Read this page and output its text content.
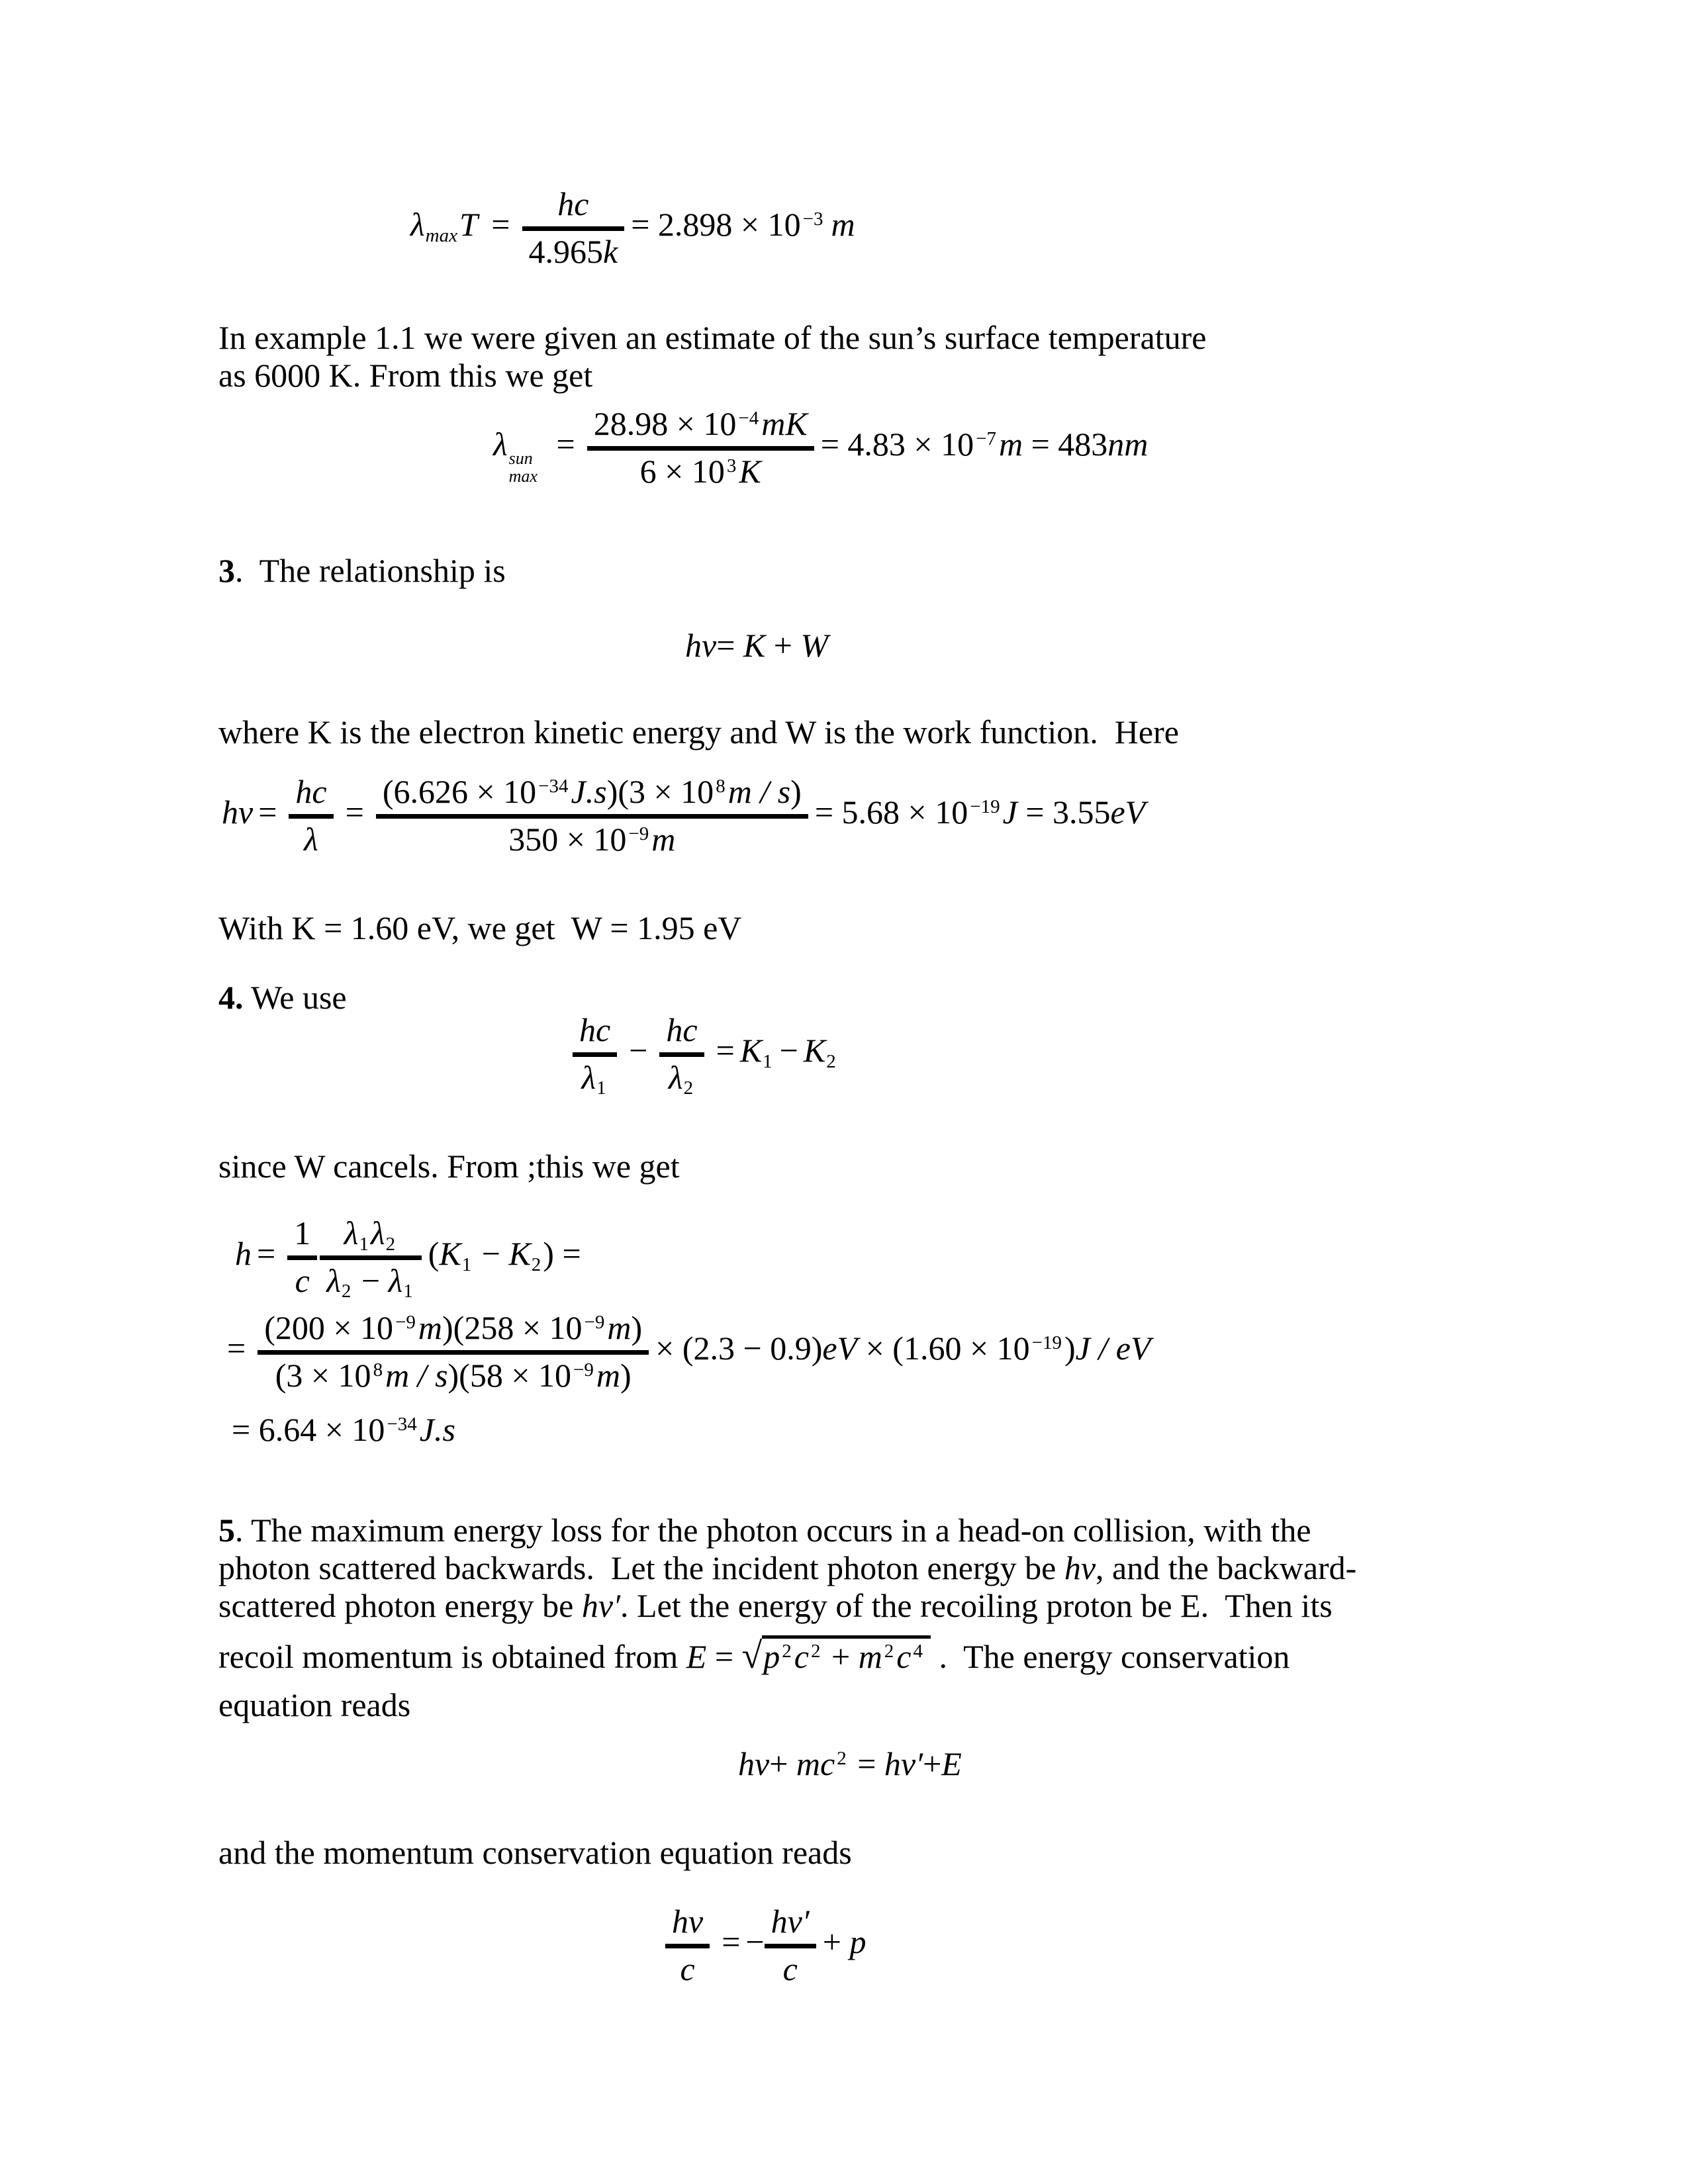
$\lambda_{max}T = \frac{hc}{4.965k} = 2.898 \times 10$ $^{-3}$ m
In example 1.1 we were given an estimate of the sun’s surface temperature
as 6000 K. From this we get
λ sun
max
= $\frac{28.98 \times 10 ^{-4}mK}{6 \times 10 ^3K} = 4.83 \times 10$ $^{-7}$m = 483nm
3.  The relationship is
hν= K + W
where K is the electron kinetic energy and W is the work function.  Here
$h\nu = \frac{hc}{\lambda} = \frac{(6.626 \times 10 ^{-34}J.s)(3 \times 10 ^8m / s)}{350 \times 10 ^{-9}m} = 5.68 \times 10$ $^{-19}$J = 3.55eV
With K = 1.60 eV, we get  W = 1.95 eV
4. We use
$\frac{hc}{\lambda_1} - \frac{hc}{\lambda_2} = K_1 - K_2$
since W cancels. From ;this we get
$h = \frac{1}{c} \frac{\lambda_1\lambda_2}{\lambda_2 - \lambda_1} (K_1 - K_2)$ =
= $\frac{(200 \times 10 ^{-9}m)(258 \times 10 ^{-9}m)}{(3 \times 10 ^8m / s)(58 \times 10 ^{-9}m)} \times (2.3 - 0.9)eV \times (1.60 \times 10$ $^{-19}$)J / eV
= 6.64 × 10 $^{-34}$J.s
5. The maximum energy loss for the photon occurs in a head-on collision, with the
photon scattered backwards.  Let the incident photon energy be hν, and the backward-
scattered photon energy be hν′. Let the energy of the recoiling proton be E.  Then its
recoil momentum is obtained from E = √p $^2$c $^2$ + m $^2$c $^4$ .  The energy conservation
equation reads
hν+ mc $^2$ = hν′+E
and the momentum conservation equation reads
$\frac{h\nu}{c}$ = − $\frac{h\nu'}{c} + p$
